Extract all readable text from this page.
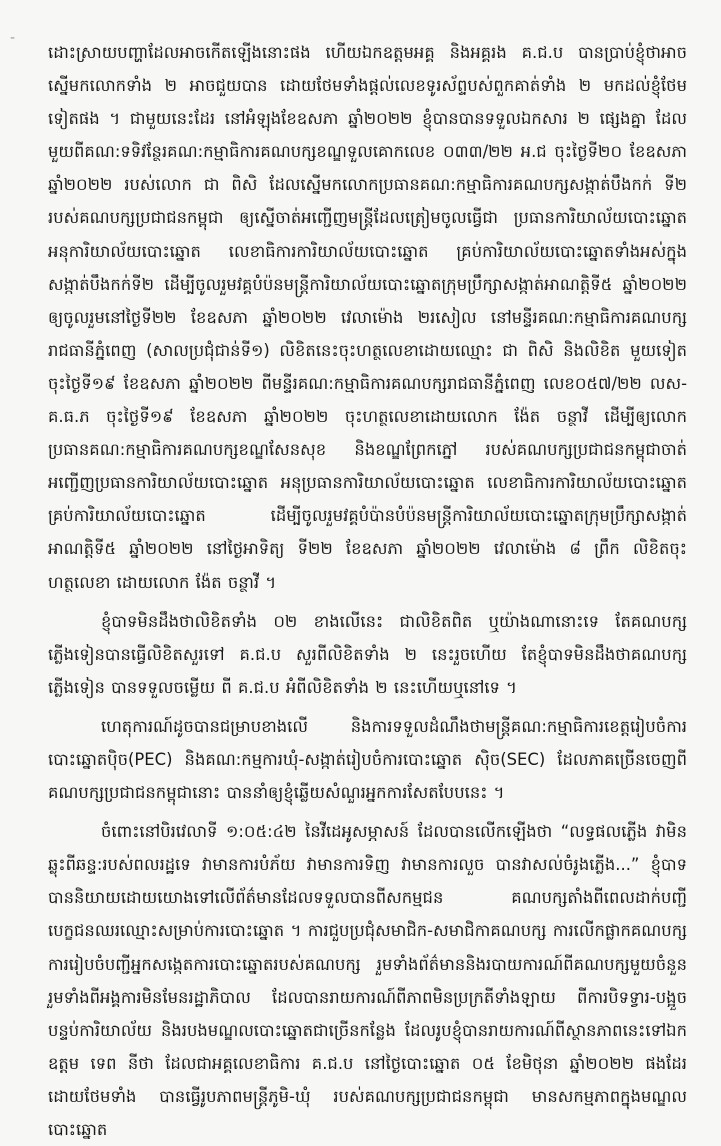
-

ដោះស្រាយបញ្ហាដែលអាចកើតឡើងនោះផង ហើយឯកឧត្តមអគ្គ និងអគ្គរង គ.ជ.ប បានប្រាប់ខ្ញុំថាអាចស្នើមកលោកទាំង ២ អាចជួយបាន ដោយថែមទាំងផ្ដល់លេខទូរស័ព្ទបស់ពួកគាត់ទាំង ២ មកដល់ខ្ញុំថែមទៀតផង ។ ជាមួយនេះដែរ នៅអំឡុងខែឧសភា ឆ្នាំ២០២២ ខ្ញុំបានបានទទួលឯកសារ ២ ផ្សេងគ្នា ដែលមួយពីគណ:ទទិវន្ថែរគណ:កម្មាធិការគណបក្សខណ្ឌទួលគោកលេខ ០៣៣/២២ អ.ជ ចុះថ្ងៃទី២០ ខែឧសភា ឆ្នាំ២០២២ របស់លោក ជា ពិសិ ដែលស្នើមកលោកប្រធានគណ:កម្មាធិការគណបក្សសង្កាត់បឹងកក់ ទី២ របស់គណបក្សប្រជាជនកម្ពុជា ឲ្យស្នើចាត់អញ្ជើញមន្ត្រីដែលត្រៀមចូលធ្វើជា ប្រធានការិយាល័យបោះឆ្នោត អនុការិយាល័យបោះឆ្នោត លេខាធិការការិយាល័យបោះឆ្នោត គ្រប់ការិយាល័យបោះឆ្នោតទាំងអស់ក្នុង សង្កាត់បឹងកក់ទី២ ដើម្បីចូលរួមវគ្គបំប៉នមន្ត្រីការិយាល័យបោះឆ្នោតក្រុមប្រឹក្សាសង្កាត់អាណត្តិទី៥ ឆ្នាំ២០២២ ឲ្យចូលរួមនៅថ្ងៃទី២២ ខែឧសភា ឆ្នាំ២០២២ វេលាម៉ោង ២រសៀល នៅមន្ទីរគណ:កម្មាធិការគណបក្សរាជធានីភ្នំពេញ (សាលប្រជុំជាន់ទី១) លិខិតនេះចុះហត្ថលេខាដោយឈ្មោះ ជា ពិសិ និងលិខិត មួយទៀត ចុះថ្ងៃទី១៩ ខែឧសភា ឆ្នាំ២០២២ ពីមន្ទីរគណ:កម្មាធិការគណបក្សរាជធានីភ្នំពេញ លេខ០៥៧/២២ លស-គ.ធ.ភ ចុះថ្ងៃទី១៩ ខែឧសភា ឆ្នាំ២០២២ ចុះហត្ថលេខាដោយលោក ង៉ែត ចន្ថាវី ដើម្បីឲ្យលោកប្រធានគណ:កម្មាធិការគណបក្សខណ្ឌសែនសុខ និងខណ្ឌព្រែកភ្នៅ របស់គណបក្សប្រជាជនកម្ពុជាចាត់ អញ្ជើញប្រធានការិយាល័យបោះឆ្នោត អនុប្រធានការិយាល័យបោះឆ្នោត លេខាធិការការិយាល័យបោះឆ្នោត គ្រប់ការិយាល័យបោះឆ្នោត ដើម្បីចូលរួមវគ្គបំប៉ានបំប៉នមន្ត្រីការិយាល័យបោះឆ្នោតក្រុមប្រឹក្សាសង្កាត់ អាណត្តិទី៥ ឆ្នាំ២០២២ នៅថ្ងៃអាទិត្យ ទី២២ ខែឧសភា ឆ្នាំ២០២២ វេលាម៉ោង ៨ ព្រឹក លិខិតចុះហត្ថលេខា ដោយលោក ង៉ែត ចន្ថាវី ។

ខ្ញុំបាទមិនដឹងថាលិខិតទាំង ០២ ខាងលើនេះ ជាលិខិតពិត ឬយ៉ាងណានោះទេ តែគណបក្សភ្លើងទៀនបានធ្វើលិខិតសួរទៅ គ.ជ.ប សួរពីលិខិតទាំង ២ នេះរួចហើយ តែខ្ញុំបាទមិនដឹងថាគណបក្សភ្លើងទៀន បានទទួលចម្លើយ ពី គ.ជ.ប អំពីលិខិតទាំង ២ នេះហើយឬនៅទេ ។

ហេតុការណ៍ដូចបានជម្រាបខាងលើ និងការទទួលដំណឹងថាមន្ត្រីគណ:កម្មាធិការខេត្តរៀបចំការបោះឆ្នោតប៉ិច(PEC) និងគណ:កម្មការឃុំ-សង្កាត់រៀបចំការបោះឆ្នោត ស៊ិច(SEC) ដែលភាគច្រើនចេញពីគណបក្សប្រជាជនកម្ពុជានោះ បាននាំឲ្យខ្ញុំឆ្លើយសំណួរអ្នកការសែតបែបនេះ ។

ចំពោះនៅបិរវេលាទី ១:០៥:៤២ នៃវីដេអូសម្ភាសន៍ ដែលបានលើកឡើងថា “លទ្ធផលភ្លើង វាមិនឆ្លុះពីឆន្ទ:របស់ពលរដ្ឋទេ វាមានការបំភ័យ វាមានការទិញ វាមានការលួច បានវាសល់ចំរូងភ្លើង...” ខ្ញុំបាទបាននិយាយដោយយោងទៅលើព័ត៌មានដែលទទួលបានពីសកម្មជន គណបក្សតាំងពីពេលដាក់បញ្ជីបេក្ខជនឈរឈ្មោះសម្រាប់ការបោះឆ្នោត ។ ការជួបប្រជុំសមាជិក-សមាជិកាគណបក្ស ការលើកផ្លាកគណបក្សការរៀបចំបញ្ជីអ្នកសង្កេតការបោះឆ្នោតរបស់គណបក្ស រួមទាំងព័ត៌មាននិងរបាយការណ៍ពីគណបក្សមួយចំនួនរួមទាំងពីអង្គការមិនមែនរដ្ឋាភិបាល ដែលបានរាយការណ៍ពីភាពមិនប្រក្រតីទាំងឡាយ ពីការបិទទ្វារ-បង្អួច បន្ទប់ការិយាល័យ និងរបងមណ្ឌលបោះឆ្នោតជាច្រើនកន្លែង ដែលរូបខ្ញុំបានរាយការណ៍ពីស្ថានភាពនេះទៅឯកឧត្តម ទេព នីថា ដែលជាអគ្គលេខាធិការ គ.ជ.ប នៅថ្ងៃបោះឆ្នោត ០៥ ខែមិថុនា ឆ្នាំ២០២២ ផងដែរ ដោយថែមទាំង បានធ្វើរូបភាពមន្ត្រីភូមិ-ឃុំ របស់គណបក្សប្រជាជនកម្ពុជា មានសកម្មភាពក្នុងមណ្ឌលបោះឆ្នោត
